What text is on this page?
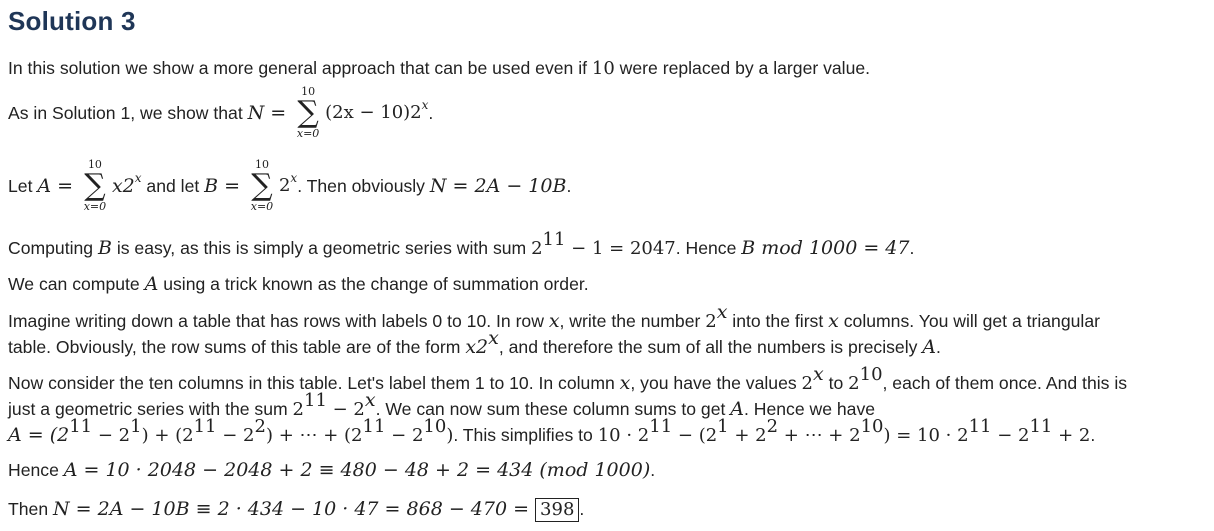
Solution 3
In this solution we show a more general approach that can be used even if 10 were replaced by a larger value.
As in Solution 1, we show that N =
10
∑
x=0
$(2x - 10)2^x$.
Let A =
10
∑
x=0
x2$^x$ and let B =
10
∑
x=0
2$^x$. Then obviously N = 2A − 10B.
Computing B is easy, as this is simply a geometric series with sum $2^{11} - 1 = 2047$. Hence B mod 1000 = 47.
We can compute A using a trick known as the change of summation order.
Imagine writing down a table that has rows with labels 0 to 10. In row x, write the number 2$^x$ into the first x columns. You will get a triangular
table. Obviously, the row sums of this table are of the form x2$^x$, and therefore the sum of all the numbers is precisely A.
Now consider the ten columns in this table. Let's label them 1 to 10. In column x, you have the values 2$^x$ to $2^{10}$, each of them once. And this is
just a geometric series with the sum $2^{11} - 2^x$. We can now sum these column sums to get A. Hence we have
$A = (2^{11} - 2^1) + (2^{11} - 2^2)$ + ⋯ + $(2^{11} - 2^{10})$. This simplifies to $10 \cdot 2^{11} - (2^1 + 2^2$ + ⋯ + $2^{10}) = 10 \cdot 2^{11} - 2^{11} + 2$.
Hence A = 10 · 2048 − 2048 + 2 ≡ 480 − 48 + 2 = 434 (mod 1000).
Then N = 2A − 10B ≡ 2 · 434 − 10 · 47 = 868 − 470 = 398 .
